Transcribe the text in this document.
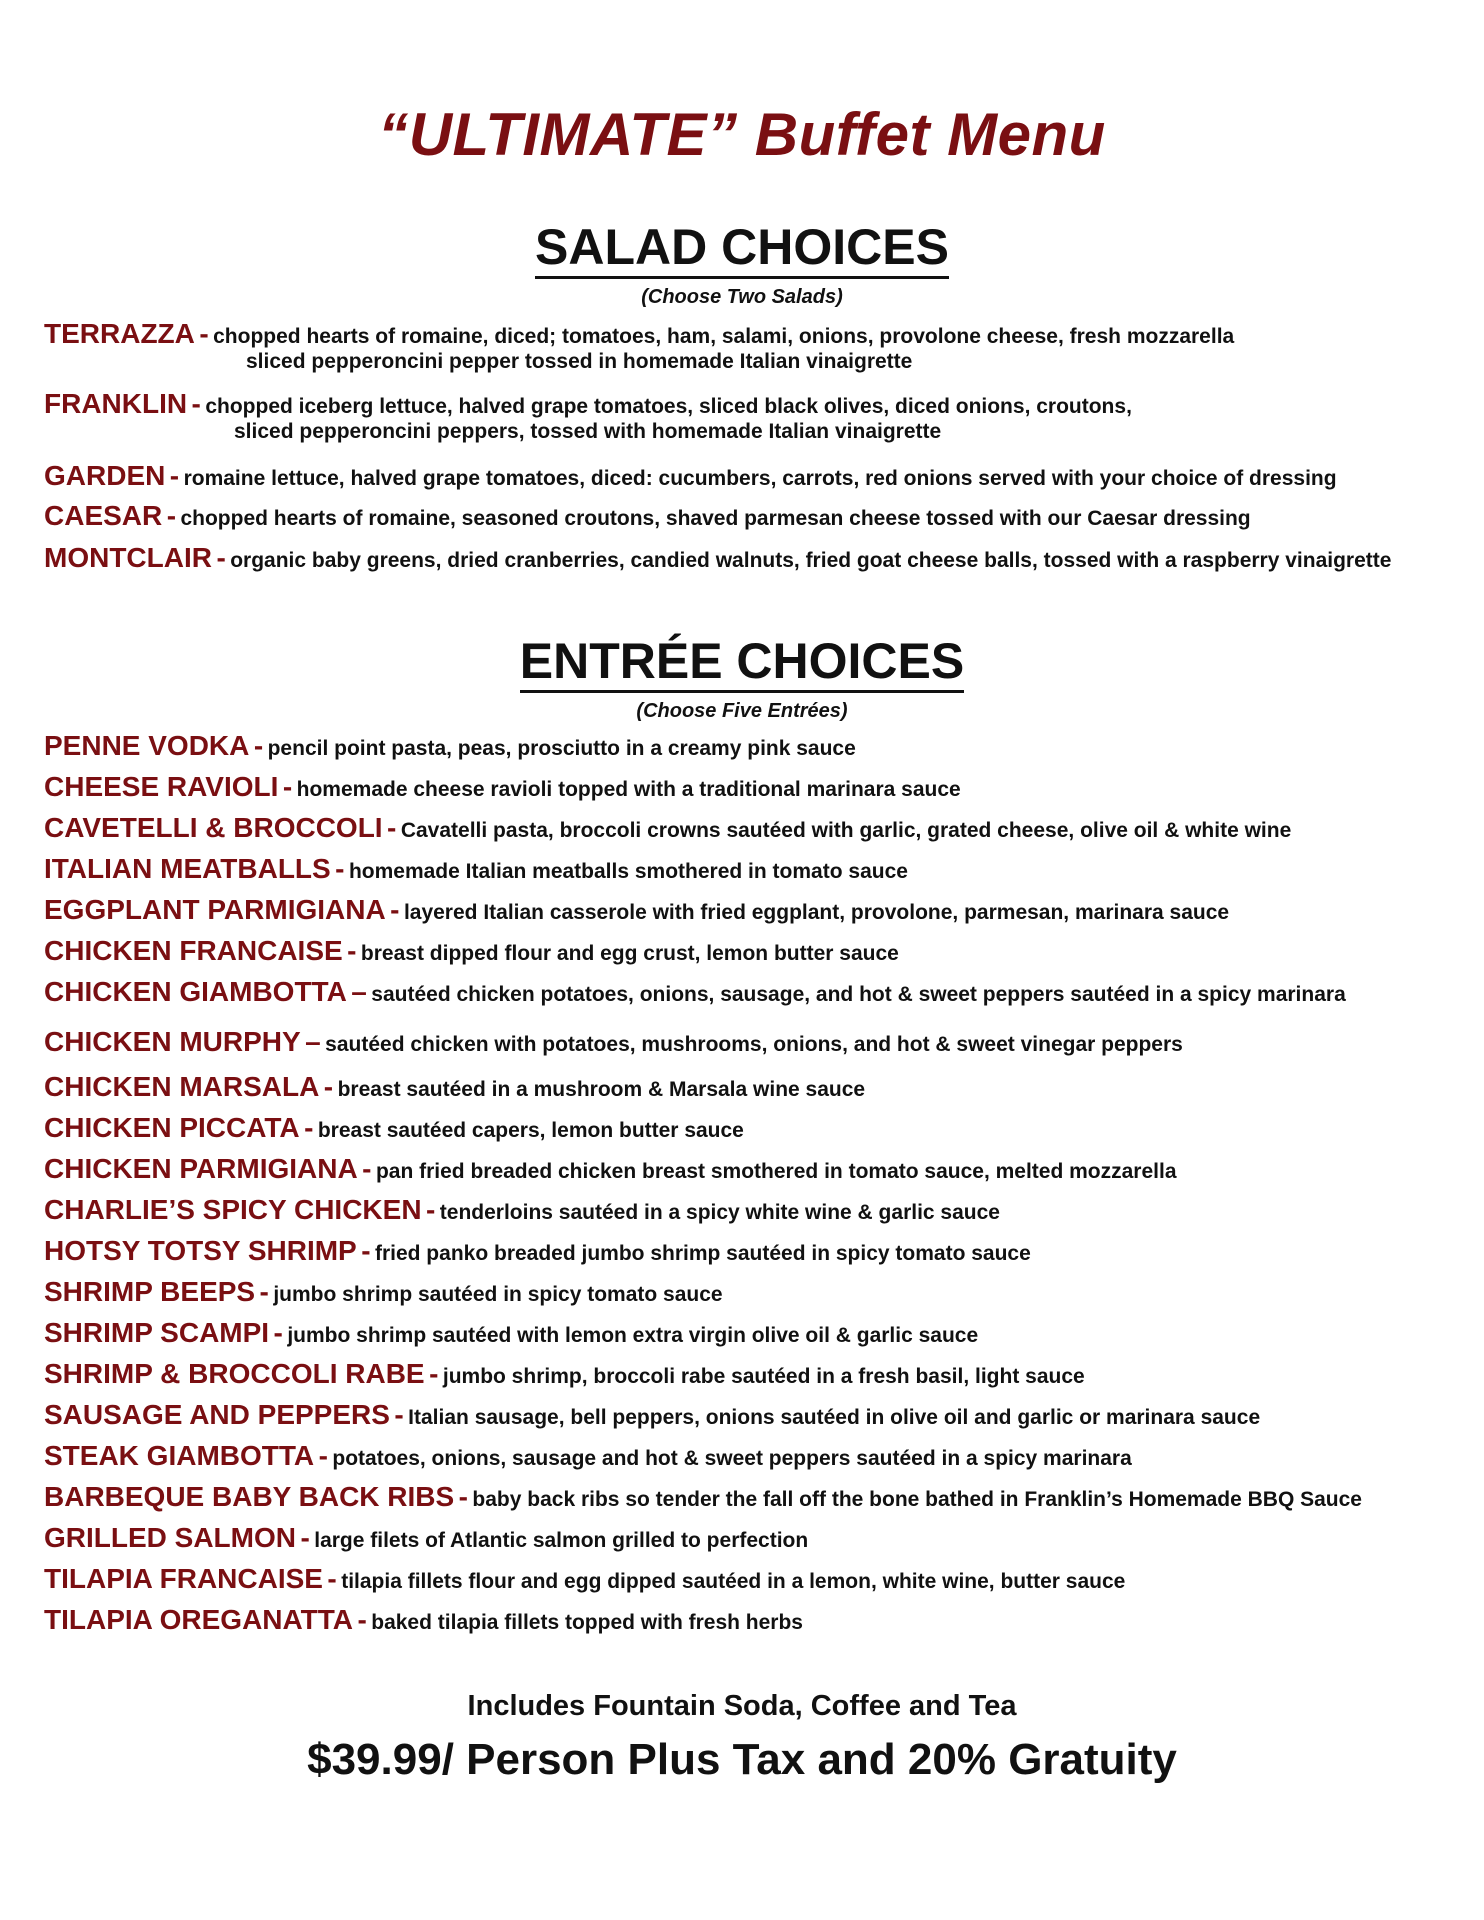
“ULTIMATE” Buffet Menu
SALAD CHOICES
(Choose Two Salads)
TERRAZZA - chopped hearts of romaine, diced; tomatoes, ham, salami, onions, provolone cheese, fresh mozzarella
sliced pepperoncini pepper tossed in homemade Italian vinaigrette
FRANKLIN - chopped iceberg lettuce, halved grape tomatoes, sliced black olives, diced onions, croutons,
sliced pepperoncini peppers, tossed with homemade Italian vinaigrette
GARDEN - romaine lettuce, halved grape tomatoes, diced: cucumbers, carrots, red onions served with your choice of dressing
CAESAR - chopped hearts of romaine, seasoned croutons, shaved parmesan cheese tossed with our Caesar dressing
MONTCLAIR - organic baby greens, dried cranberries, candied walnuts, fried goat cheese balls, tossed with a raspberry vinaigrette
ENTRÉE CHOICES
(Choose Five Entrées)
PENNE VODKA - pencil point pasta, peas, prosciutto in a creamy pink sauce
CHEESE RAVIOLI - homemade cheese ravioli topped with a traditional marinara sauce
CAVETELLI & BROCCOLI - Cavatelli pasta, broccoli crowns sautéed with garlic, grated cheese, olive oil & white wine
ITALIAN MEATBALLS - homemade Italian meatballs smothered in tomato sauce
EGGPLANT PARMIGIANA - layered Italian casserole with fried eggplant, provolone, parmesan, marinara sauce
CHICKEN FRANCAISE - breast dipped flour and egg crust, lemon butter sauce
CHICKEN GIAMBOTTA – sautéed chicken potatoes, onions, sausage, and hot & sweet peppers sautéed in a spicy marinara
CHICKEN MURPHY – sautéed chicken with potatoes, mushrooms, onions, and hot & sweet vinegar peppers
CHICKEN MARSALA - breast sautéed in a mushroom & Marsala wine sauce
CHICKEN PICCATA - breast sautéed capers, lemon butter sauce
CHICKEN PARMIGIANA - pan fried breaded chicken breast smothered in tomato sauce, melted mozzarella
CHARLIE’S SPICY CHICKEN - tenderloins sautéed in a spicy white wine & garlic sauce
HOTSY TOTSY SHRIMP - fried panko breaded jumbo shrimp sautéed in spicy tomato sauce
SHRIMP BEEPS - jumbo shrimp sautéed in spicy tomato sauce
SHRIMP SCAMPI - jumbo shrimp sautéed with lemon extra virgin olive oil & garlic sauce
SHRIMP & BROCCOLI RABE - jumbo shrimp, broccoli rabe sautéed in a fresh basil, light sauce
SAUSAGE AND PEPPERS - Italian sausage, bell peppers, onions sautéed in olive oil and garlic or marinara sauce
STEAK GIAMBOTTA - potatoes, onions, sausage and hot & sweet peppers sautéed in a spicy marinara
BARBEQUE BABY BACK RIBS - baby back ribs so tender the fall off the bone bathed in Franklin’s Homemade BBQ Sauce
GRILLED SALMON - large filets of Atlantic salmon grilled to perfection
TILAPIA FRANCAISE - tilapia fillets flour and egg dipped sautéed in a lemon, white wine, butter sauce
TILAPIA OREGANATTA - baked tilapia fillets topped with fresh herbs
Includes Fountain Soda, Coffee and Tea
$39.99/ Person Plus Tax and 20% Gratuity
